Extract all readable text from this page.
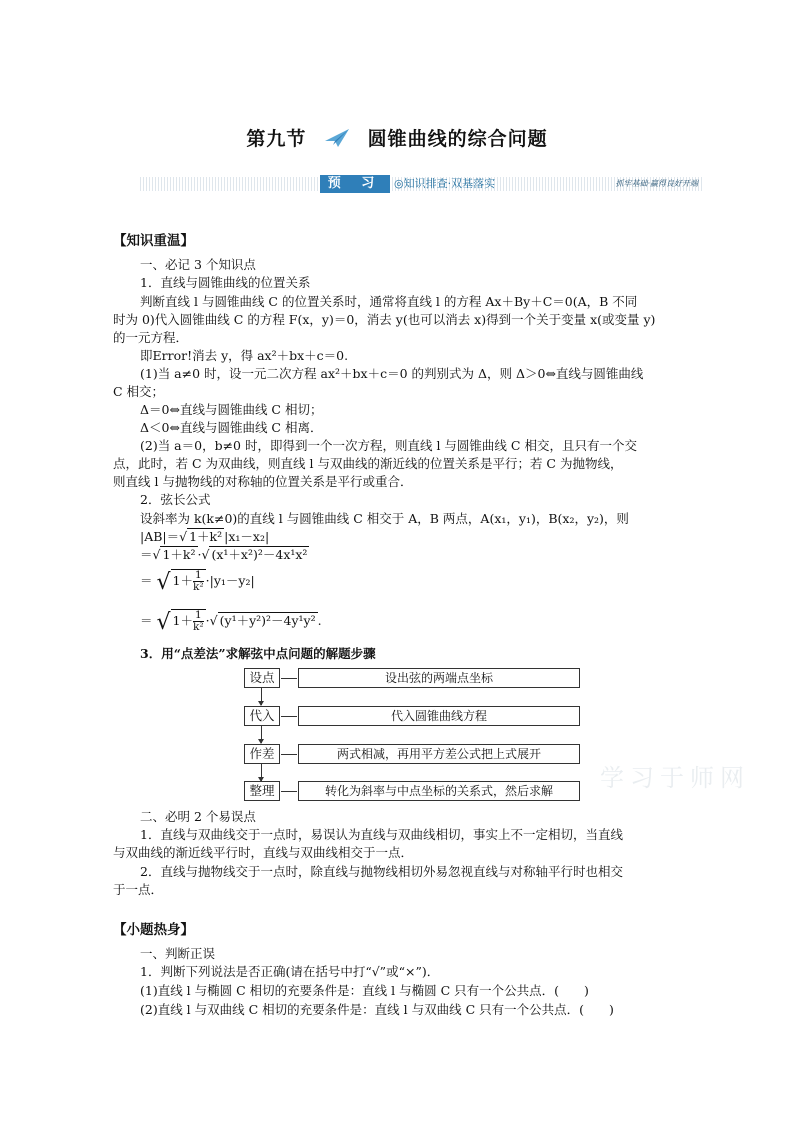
第九节	圆锥曲线的综合问题
预 习	◎知识排查·双基落实	抓牢基础·赢得良好开端
【知识重温】
一、必记 3 个知识点
1．直线与圆锥曲线的位置关系
判断直线 l 与圆锥曲线 C 的位置关系时，通常将直线 l 的方程 Ax＋By＋C＝0(A，B 不同
时为 0)代入圆锥曲线 C 的方程 F(x，y)＝0，消去 y(也可以消去 x)得到一个关于变量 x(或变量 y)
的一元方程．
即Error!消去 y，得 ax²＋bx＋c＝0.
(1)当 a≠0 时，设一元二次方程 ax²＋bx＋c＝0 的判别式为 Δ，则 Δ＞0⇔直线与圆锥曲线
C 相交；
Δ＝0⇔直线与圆锥曲线 C 相切；
Δ＜0⇔直线与圆锥曲线 C 相离．
(2)当 a＝0，b≠0 时，即得到一个一次方程，则直线 l 与圆锥曲线 C 相交，且只有一个交
点，此时，若 C 为双曲线，则直线 l 与双曲线的渐近线的位置关系是平行；若 C 为抛物线，
则直线 l 与抛物线的对称轴的位置关系是平行或重合．
2．弦长公式
设斜率为 k(k≠0)的直线 l 与圆锥曲线 C 相交于 A，B 两点，A(x₁，y₁)，B(x₂，y₂)，则
|AB|＝√ 1＋k² |x₁－x₂|
＝√ 1＋k² ·√ (x¹＋x²)²－4x¹x²
＝ √ $1+ \frac{1}{\text{k²}} \cdot|y_1-y_2|$
＝ √ $1+ \frac{1}{\text{k²}}$ ·√ (y¹＋y²)²－4y¹y² .
3．用“点差法”求解弦中点问题的解题步骤
设点	设出弦的两端点坐标
代入	代入圆锥曲线方程
作差	两式相减，再用平方差公式把上式展开
整理	转化为斜率与中点坐标的关系式，然后求解	学习于师网
二、必明 2 个易误点
1．直线与双曲线交于一点时，易误认为直线与双曲线相切，事实上不一定相切，当直线
与双曲线的渐近线平行时，直线与双曲线相交于一点．
2．直线与抛物线交于一点时，除直线与抛物线相切外易忽视直线与对称轴平行时也相交
于一点．
【小题热身】
一、判断正误
1．判断下列说法是否正确(请在括号中打“√”或“×”)．
(1)直线 l 与椭圆 C 相切的充要条件是：直线 l 与椭圆 C 只有一个公共点．(　　)
(2)直线 l 与双曲线 C 相切的充要条件是：直线 l 与双曲线 C 只有一个公共点．(　　)
